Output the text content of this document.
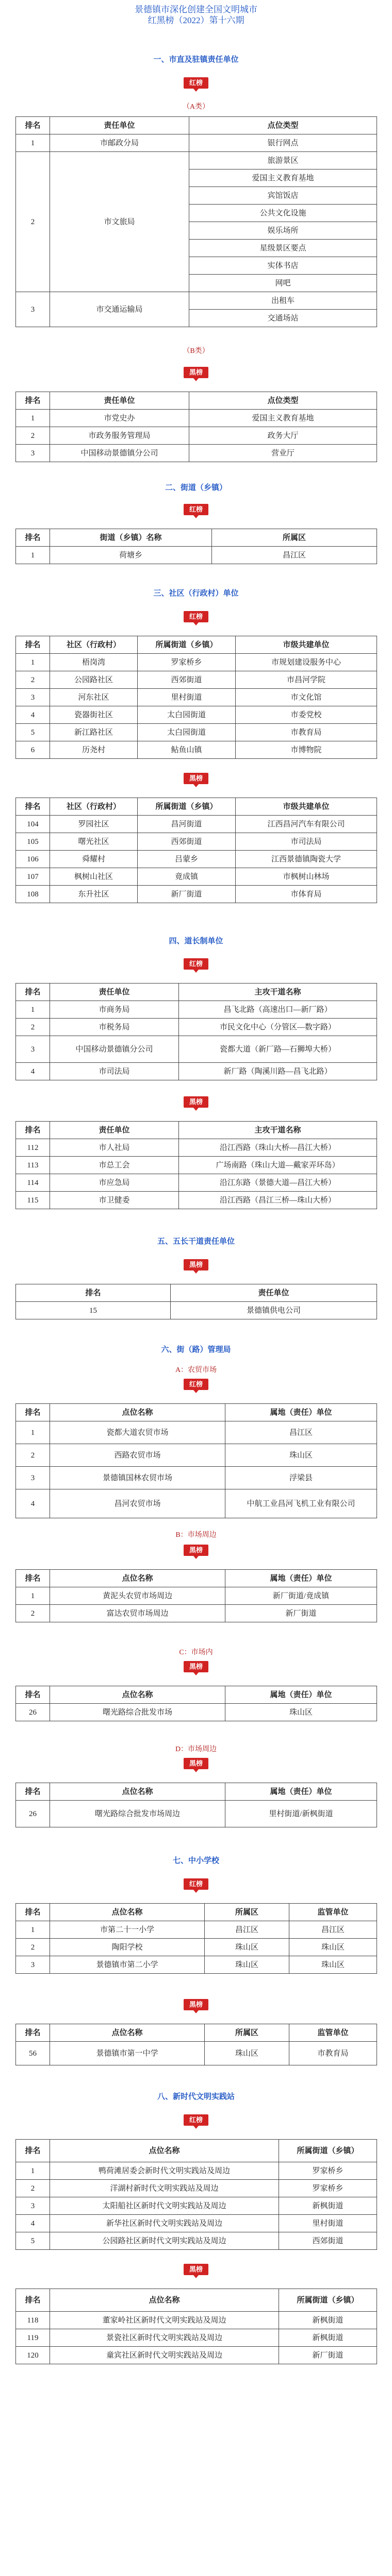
景德镇市深化创建全国文明城市
红黑榜（2022）第十六期
一、市直及驻镇责任单位
红榜
（A类）
排名	责任单位	点位类型
1	市邮政分局	银行网点
2	市文旅局	旅游景区
		爱国主义教育基地
		宾馆饭店
		公共文化设施
		娱乐场所
		星级景区要点
		实体书店
		网吧
3	市交通运输局	出租车
		交通场站
（B类）
黑榜
排名	责任单位	点位类型
1	市党史办	爱国主义教育基地
2	市政务服务管理局	政务大厅
3	中国移动景德镇分公司	营业厅
二、街道（乡镇）
红榜
排名	街道（乡镇）名称	所属区
1	荷塘乡	昌江区
三、社区（行政村）单位
红榜
排名	社区（行政村）	所属街道（乡镇）	市级共建单位
1	梧岗湾	罗家桥乡	市规划建设服务中心
2	公园路社区	西郊街道	市昌河学院
3	河东社区	里村街道	市文化馆
4	瓷器街社区	太白园街道	市委党校
5	新江路社区	太白园街道	市教育局
6	历尧村	鲇鱼山镇	市博物院
黑榜
排名	社区（行政村）	所属街道（乡镇）	市级共建单位
104	罗园社区	昌河街道	江西昌河汽车有限公司
105	曙光社区	西郊街道	市司法局
106	舜耀村	吕蒙乡	江西景德镇陶瓷大学
107	枫树山社区	竟成镇	市枫树山林场
108	东升社区	新厂街道	市体育局
四、道长制单位
红榜
排名	责任单位	主攻干道名称
1	市商务局	昌飞北路（高速出口—新厂路）
2	市税务局	市民文化中心（分管区—数字路）
3	中国移动景德镇分公司	瓷都大道（新厂路—石狮埠大桥）
4	市司法局	新厂路（陶溪川路—昌飞北路）
黑榜
排名	责任单位	主攻干道名称
112	市人社局	沿江西路（珠山大桥—昌江大桥）
113	市总工会	广场南路（珠山大道—戴家弄环岛）
114	市应急局	沿江东路（景德大道—昌江大桥）
115	市卫健委	沿江西路（昌江三桥—珠山大桥）
五、五长干道责任单位
黑榜
排名	责任单位
15	景德镇供电公司
六、街（路）管理局
A：农贸市场
红榜
排名	点位名称	属地（责任）单位
1	瓷都大道农贸市场	昌江区
2	西路农贸市场	珠山区
3	景德镇国林农贸市场	浮梁县
4	昌河农贸市场	中航工业昌河飞机工业有限公司
B：市场周边
黑榜
排名	点位名称	属地（责任）单位
1	黄泥头农贸市场周边	新厂街道/竟成镇
2	富达农贸市场周边	新厂街道
C：市场内
黑榜
排名	点位名称	属地（责任）单位
26	曙光路综合批发市场	珠山区
D：市场周边
黑榜
排名	点位名称	属地（责任）单位
26	曙光路综合批发市场周边	里村街道/新枫街道
七、中小学校
红榜
排名	点位名称	所属区	监管单位
1	市第二十一小学	昌江区	昌江区
2	陶阳学校	珠山区	珠山区
3	景德镇市第二小学	珠山区	珠山区
黑榜
排名	点位名称	所属区	监管单位
56	景德镇市第一中学	珠山区	市教育局
八、新时代文明实践站
红榜
排名	点位名称	所属街道（乡镇）
1	鸭荷滩居委会新时代文明实践站及周边	罗家桥乡
2	洋湖村新时代文明实践站及周边	罗家桥乡
3	太阳船社区新时代文明实践站及周边	新枫街道
4	新华社区新时代文明实践站及周边	里村街道
5	公园路社区新时代文明实践站及周边	西郊街道
黑榜
排名	点位名称	所属街道（乡镇）
118	董家岭社区新时代文明实践站及周边	新枫街道
119	景瓷社区新时代文明实践站及周边	新枫街道
120	童宾社区新时代文明实践站及周边	新厂街道
